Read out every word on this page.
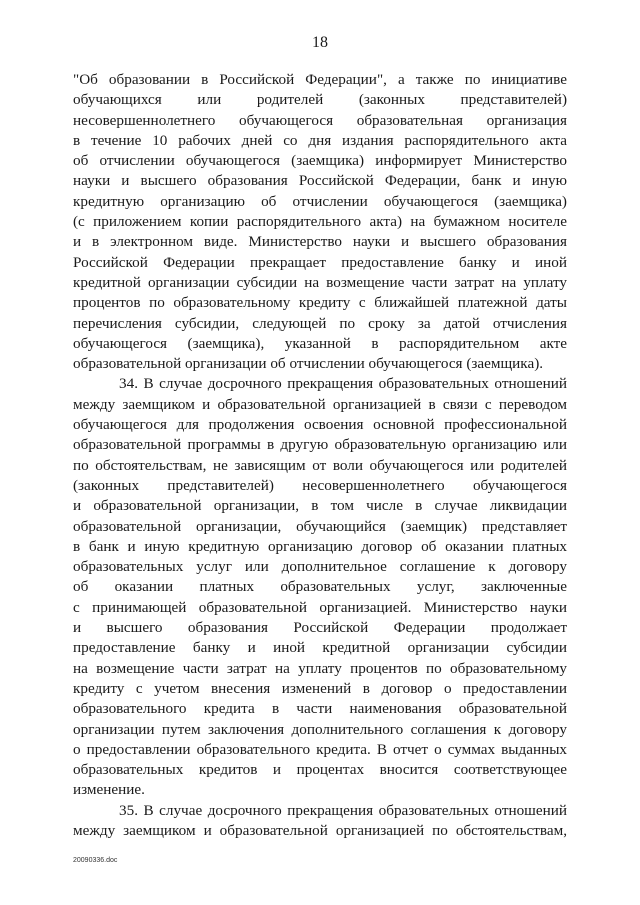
18
"Об образовании в Российской Федерации", а также по инициативе
обучающихся или родителей (законных представителей)
несовершеннолетнего обучающегося образовательная организация
в течение 10 рабочих дней со дня издания распорядительного акта
об отчислении обучающегося (заемщика) информирует Министерство
науки и высшего образования Российской Федерации, банк и иную
кредитную организацию об отчислении обучающегося (заемщика)
(с приложением копии распорядительного акта) на бумажном носителе
и в электронном виде. Министерство науки и высшего образования
Российской Федерации прекращает предоставление банку и иной
кредитной организации субсидии на возмещение части затрат на уплату
процентов по образовательному кредиту с ближайшей платежной даты
перечисления субсидии, следующей по сроку за датой отчисления
обучающегося (заемщика), указанной в распорядительном акте
образовательной организации об отчислении обучающегося (заемщика).
34. В случае досрочного прекращения образовательных отношений
между заемщиком и образовательной организацией в связи с переводом
обучающегося для продолжения освоения основной профессиональной
образовательной программы в другую образовательную организацию или
по обстоятельствам, не зависящим от воли обучающегося или родителей
(законных представителей) несовершеннолетнего обучающегося
и образовательной организации, в том числе в случае ликвидации
образовательной организации, обучающийся (заемщик) представляет
в банк и иную кредитную организацию договор об оказании платных
образовательных услуг или дополнительное соглашение к договору
об оказании платных образовательных услуг, заключенные
с принимающей образовательной организацией. Министерство науки
и высшего образования Российской Федерации продолжает
предоставление банку и иной кредитной организации субсидии
на возмещение части затрат на уплату процентов по образовательному
кредиту с учетом внесения изменений в договор о предоставлении
образовательного кредита в части наименования образовательной
организации путем заключения дополнительного соглашения к договору
о предоставлении образовательного кредита. В отчет о суммах выданных
образовательных кредитов и процентах вносится соответствующее
изменение.
35. В случае досрочного прекращения образовательных отношений
между заемщиком и образовательной организацией по обстоятельствам,
20090336.doc
